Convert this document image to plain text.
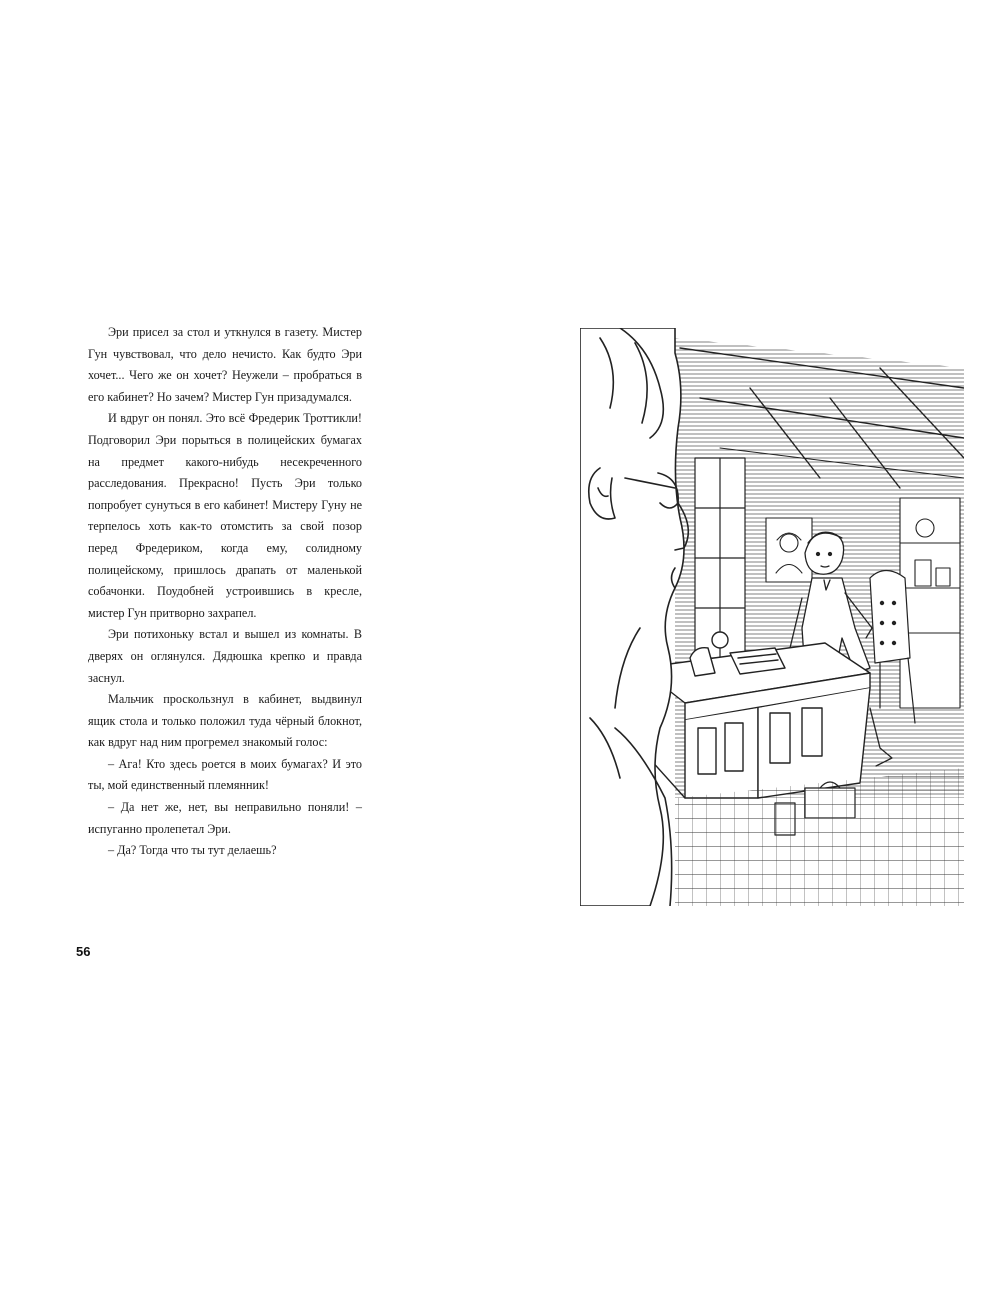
Эри присел за стол и уткнулся в газету. Мистер Гун чувствовал, что дело нечисто. Как будто Эри хочет... Чего же он хочет? Неужели – пробраться в его кабинет? Но зачем? Мистер Гун призадумался.

И вдруг он понял. Это всё Фредерик Троттикли! Подговорил Эри порыться в полицейских бумагах на предмет какого-нибудь несекреченного расследования. Прекрасно! Пусть Эри только попробует сунуться в его кабинет! Мистеру Гуну не терпелось хоть как-то отомстить за свой позор перед Фредериком, когда ему, солидному полицейскому, пришлось драпать от маленькой собачонки. Поудобней устроившись в кресле, мистер Гун притворно захрапел.

Эри потихоньку встал и вышел из комнаты. В дверях он оглянулся. Дядюшка крепко и правда заснул.

Мальчик проскользнул в кабинет, выдвинул ящик стола и только положил туда чёрный блокнот, как вдруг над ним прогремел знакомый голос:

– Ага! Кто здесь роется в моих бумагах? И это ты, мой единственный племянник!

– Да нет же, нет, вы неправильно поняли! – испуганно пролепетал Эри.

– Да? Тогда что ты тут делаешь?

56
